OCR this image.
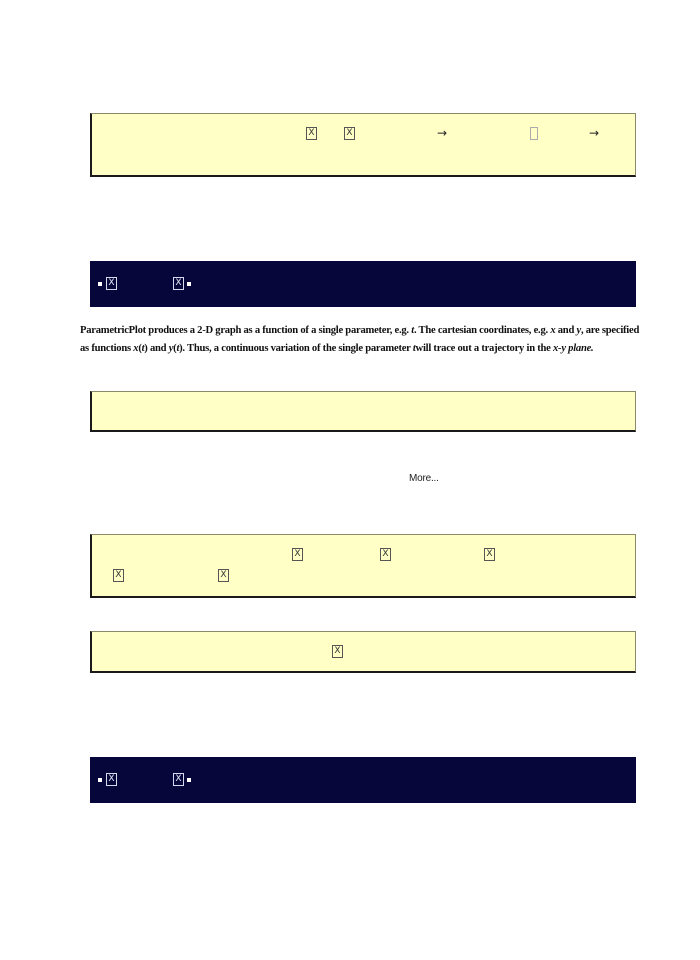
X	X	→	→
X	X

ParametricPlot produces a 2-D graph as a function of a single parameter, e.g. t. The cartesian coordinates, e.g. x and y, are specified as functions x(t) and y(t). Thus, a continuous variation of the single parameter twill trace out a trajectory in the x-y plane.

More...
X	X	X
X	X
X
X	X
